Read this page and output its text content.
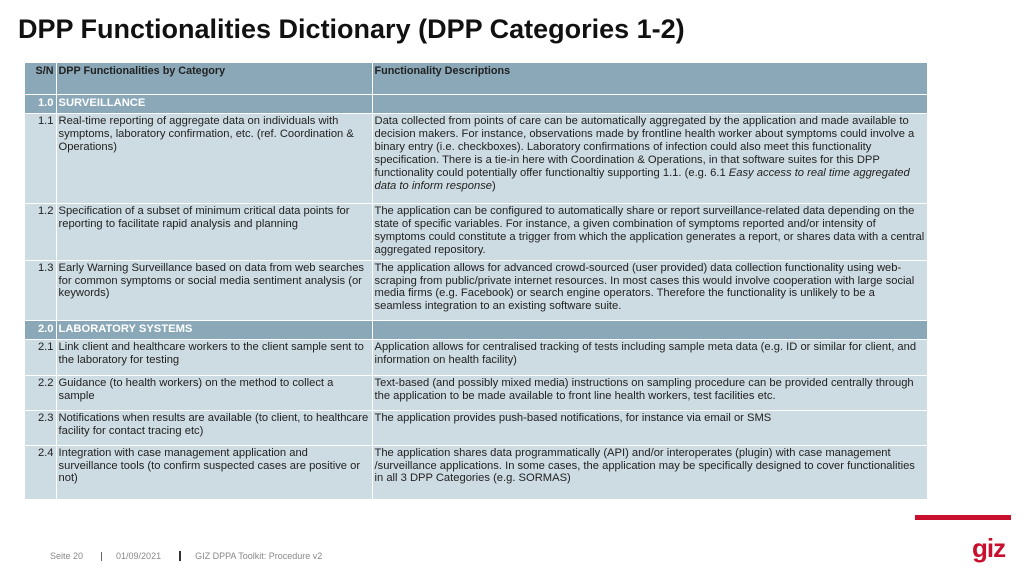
DPP Functionalities Dictionary (DPP Categories 1-2)
S/N	DPP Functionalities by Category	Functionality Descriptions
1.0	SURVEILLANCE	
1.1	Real-time reporting of aggregate data on individuals with symptoms, laboratory confirmation, etc. (ref. Coordination & Operations)	Data collected from points of care can be automatically aggregated by the application and made available to decision makers. For instance, observations made by frontline health worker about symptoms could involve a binary entry (i.e. checkboxes). Laboratory confirmations of infection could also meet this functionality specification. There is a tie-in here with Coordination & Operations, in that software suites for this DPP functionality could potentially offer functionaltiy supporting 1.1. (e.g. 6.1 Easy access to real time aggregated data to inform response)
1.2	Specification of a subset of minimum critical data points for reporting to facilitate rapid analysis and planning	The application can be configured to automatically share or report surveillance-related data depending on the state of specific variables. For instance, a given combination of symptoms reported and/or intensity of symptoms could constitute a trigger from which the application generates a report, or shares data with a central aggregated repository.
1.3	Early Warning Surveillance based on data from web searches for common symptoms or social media sentiment analysis (or keywords)	The application allows for advanced crowd-sourced (user provided) data collection functionality using web-scraping from public/private internet resources. In most cases this would involve cooperation with large social media firms (e.g. Facebook) or search engine operators. Therefore the functionality is unlikely to be a seamless integration to an existing software suite.
2.0	LABORATORY SYSTEMS	
2.1	Link client and healthcare workers to the client sample sent to the laboratory for testing	Application allows for centralised tracking of tests including sample meta data (e.g. ID or similar for client, and information on health facility)
2.2	Guidance (to health workers) on the method to collect a sample	Text-based (and possibly mixed media) instructions on sampling procedure can be provided centrally through the application to be made available to front line health workers, test facilities etc.
2.3	Notifications when results are available (to client, to healthcare facility for contact tracing etc)	The application provides push-based notifications, for instance via email or SMS
2.4	Integration with case management application and surveillance tools (to confirm suspected cases are positive or not)	The application shares data programmatically (API) and/or interoperates (plugin) with case management /surveillance applications. In some cases, the application may be specifically designed to cover functionalities in all 3 DPP Categories (e.g. SORMAS)
giz
Seite 20	01/09/2021	GIZ DPPA Toolkit: Procedure v2
